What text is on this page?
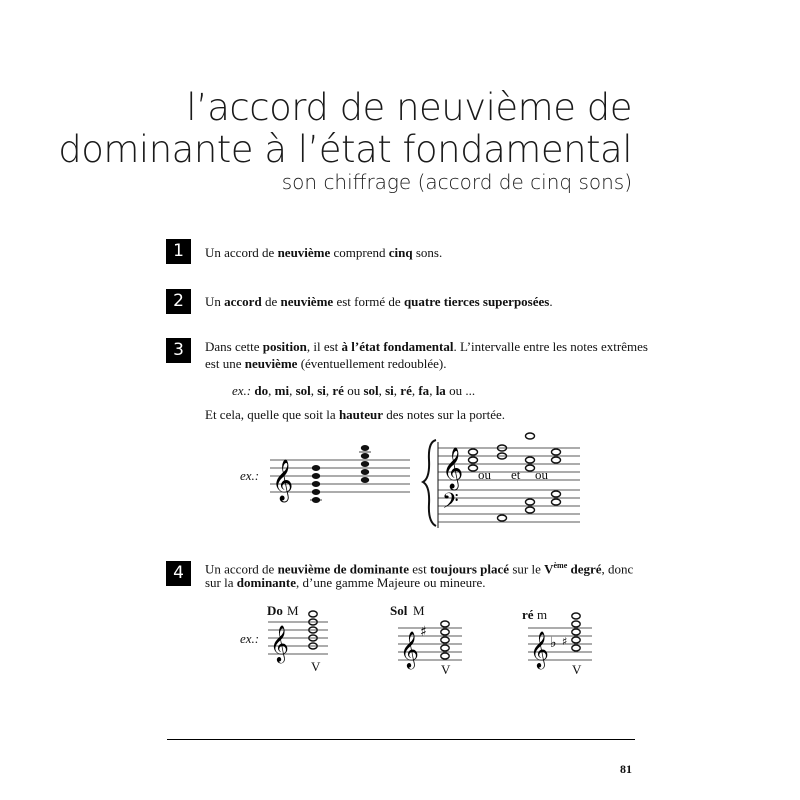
l’accord de neuvième de
dominante à l’état fondamental
son chiffrage (accord de cinq sons)
1	Un accord de neuvième comprend cinq sons.
2	Un accord de neuvième est formé de quatre tierces superposées.
3	Dans cette position, il est à l’état fondamental. L’intervalle entre les notes extrêmes
est une neuvième (éventuellement redoublée).
ex.: do, mi, sol, si, ré ou sol, si, ré, fa, la ou ...
Et cela, quelle que soit la hauteur des notes sur la portée.
ex.: 𝄞	𝄞
𝄢
ou et ou
4	Un accord de neuvième de dominante est toujours placé sur le Vème degré, donc
sur la dominante, d’une gamme Majeure ou mineure.
ex.:
Do M
𝄞
V
Sol M
𝄞 ♯
V
ré m
𝄞 ♭ ♯
V
81
